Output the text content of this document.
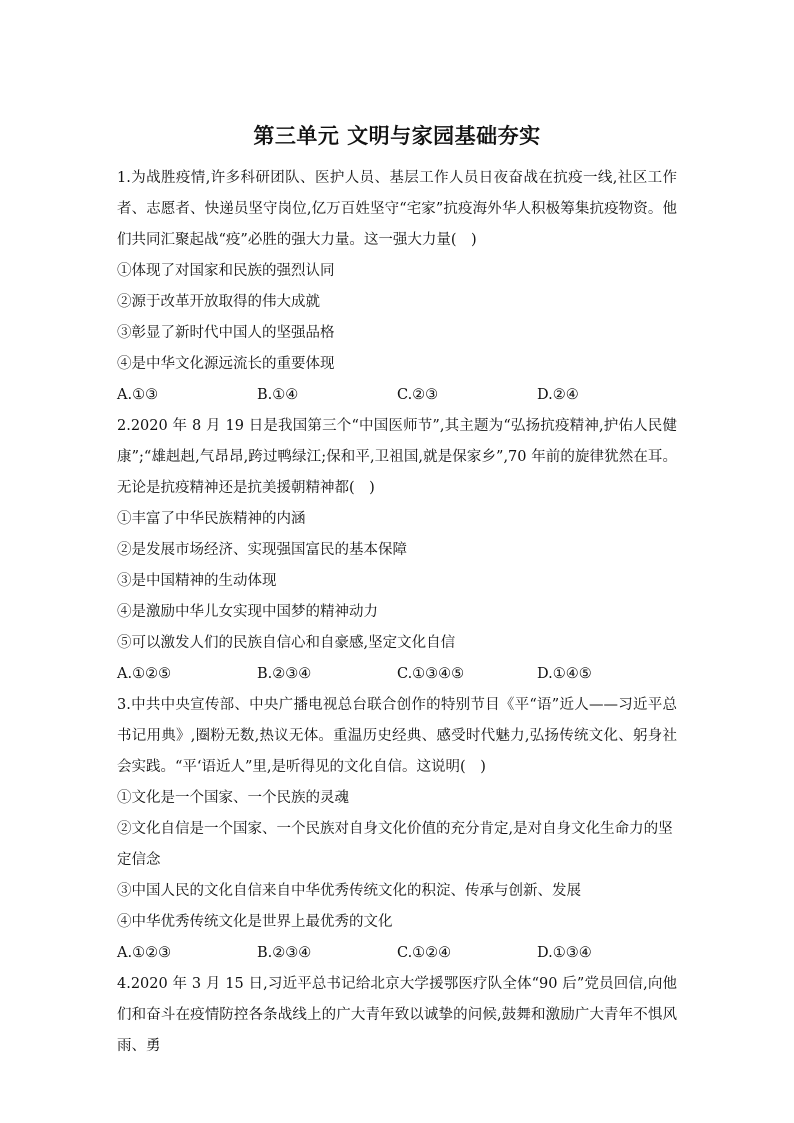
第三单元 文明与家园基础夯实

1.为战胜疫情,许多科研团队、医护人员、基层工作人员日夜奋战在抗疫一线,社区工作者、志愿者、快递员坚守岗位,亿万百姓坚守“宅家”抗疫海外华人积极筹集抗疫物资。他们共同汇聚起战“疫”必胜的强大力量。这一强大力量(　)

①体现了对国家和民族的强烈认同

②源于改革开放取得的伟大成就

③彰显了新时代中国人的坚强品格

④是中华文化源远流长的重要体现

A.①③	B.①④	C.②③	D.②④

2.2020 年 8 月 19 日是我国第三个“中国医师节”,其主题为“弘扬抗疫精神,护佑人民健康”;“雄赳赳,气昂昂,跨过鸭绿江;保和平,卫祖国,就是保家乡”,70 年前的旋律犹然在耳。无论是抗疫精神还是抗美援朝精神都(　)

①丰富了中华民族精神的内涵

②是发展市场经济、实现强国富民的基本保障

③是中国精神的生动体现

④是激励中华儿女实现中国梦的精神动力

⑤可以激发人们的民族自信心和自豪感,坚定文化自信

A.①②⑤	B.②③④	C.①③④⑤	D.①④⑤

3.中共中央宣传部、中央广播电视总台联合创作的特别节目《平“语”近人——习近平总书记用典》,圈粉无数,热议无体。重温历史经典、感受时代魅力,弘扬传统文化、躬身社会实践。“平‘语近人”里,是听得见的文化自信。这说明(　)

①文化是一个国家、一个民族的灵魂

②文化自信是一个国家、一个民族对自身文化价值的充分肯定,是对自身文化生命力的坚定信念

③中国人民的文化自信来自中华优秀传统文化的积淀、传承与创新、发展

④中华优秀传统文化是世界上最优秀的文化

A.①②③	B.②③④	C.①②④	D.①③④

4.2020 年 3 月 15 日,习近平总书记给北京大学援鄂医疗队全体“90 后”党员回信,向他们和奋斗在疫情防控各条战线上的广大青年致以诚挚的问候,鼓舞和激励广大青年不惧风雨、勇
